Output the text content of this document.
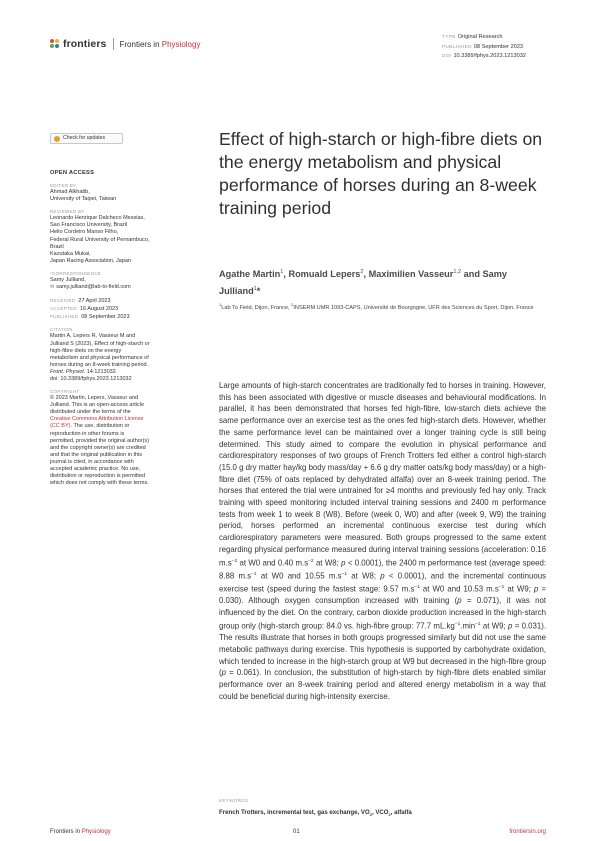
frontiers Frontiers in Physiology
TYPE Original Research
PUBLISHED 08 September 2023
DOI 10.3389/fphys.2023.1213032
Check for updates
OPEN ACCESS
EDITED BY
Ahmad Alkhatib,
University of Taipei, Taiwan
REVIEWED BY
Leonardo Henrique Dalcheco Messias,
Sao Francisco University, Brazil
Helio Cordeiro Manso Filho,
Federal Rural University of Pernambuco,
Brazil
Kazutaka Mukai,
Japan Racing Association, Japan
*CORRESPONDENCE
Samy Julliand,
✉ samy.julliand@lab-to-field.com
RECEIVED 27 April 2023
ACCEPTED 16 August 2023
PUBLISHED 08 September 2023
CITATION
Martin A, Lepers R, Vasseur M and
Julliand S (2023), Effect of high-starch or
high-fibre diets on the energy
metabolism and physical performance of
horses during an 8-week training period.
Front. Physiol. 14:1213032.
doi: 10.3389/fphys.2023.1213032
COPYRIGHT
© 2023 Martin, Lepers, Vasseur and
Julliand. This is an open-access article
distributed under the terms of the
Creative Commons Attribution License
(CC BY). The use, distribution or
reproduction in other forums is
permitted, provided the original author(s)
and the copyright owner(s) are credited
and that the original publication in this
journal is cited, in accordance with
accepted academic practice. No use,
distribution or reproduction is permitted
which does not comply with these terms.
Effect of high-starch or high-fibre diets on the energy metabolism and physical performance of horses during an 8-week training period
Agathe Martin$^1$, Romuald Lepers$^2$, Maximilien Vasseur$^{1,2}$ and Samy Julliand$^1$*
$^1$Lab To Field, Dijon, France, $^2$INSERM UMR 1093-CAPS, Université de Bourgogne, UFR des Sciences du Sport, Dijon, France
Large amounts of high-starch concentrates are traditionally fed to horses in training. However, this has been associated with digestive or muscle diseases and behavioural modifications. In parallel, it has been demonstrated that horses fed high-fibre, low-starch diets achieve the same performance over an exercise test as the ones fed high-starch diets. However, whether the same performance level can be maintained over a longer training cycle is still being determined. This study aimed to compare the evolution in physical performance and cardiorespiratory responses of two groups of French Trotters fed either a control high-starch (15.0 g dry matter hay/kg body mass/day + 6.6 g dry matter oats/kg body mass/day) or a high-fibre diet (75% of oats replaced by dehydrated alfalfa) over an 8-week training period. The horses that entered the trial were untrained for ≥4 months and previously fed hay only. Track training with speed monitoring included interval training sessions and 2400 m performance tests from week 1 to week 8 (W8). Before (week 0, W0) and after (week 9, W9) the training period, horses performed an incremental continuous exercise test during which cardiorespiratory parameters were measured. Both groups progressed to the same extent regarding physical performance measured during interval training sessions (acceleration: 0.16 $m.s^{-2}$ at W0 and 0.40 $m.s^{-2}$ at W8; p < 0.0001), the 2400 m performance test (average speed: 8.88 $m.s^{-1}$ at W0 and 10.55 $m.s^{-1}$ at W8; p < 0.0001), and the incremental continuous exercise test (speed during the fastest stage: 9.57 $m.s^{-1}$ at W0 and 10.53 $m.s^{-1}$ at W9; p = 0.030). Although oxygen consumption increased with training (p = 0.071), it was not influenced by the diet. On the contrary, carbon dioxide production increased in the high-starch group only (high-starch group: 84.0 vs. high-fibre group: 77.7 $mL.kg^{-1}.\min^{-1}$ at W9; p = 0.031). The results illustrate that horses in both groups progressed similarly but did not use the same metabolic pathways during exercise. This hypothesis is supported by carbohydrate oxidation, which tended to increase in the high-starch group at W9 but decreased in the high-fibre group (p = 0.061). In conclusion, the substitution of high-starch by high-fibre diets enabled similar performance over an 8-week training period and altered energy metabolism in a way that could be beneficial during high-intensity exercise.
KEYWORDS
French Trotters, incremental test, gas exchange, $VO_2$, $VCO_2$, alfalfa
Frontiers in Physiology	01	frontiersin.org
